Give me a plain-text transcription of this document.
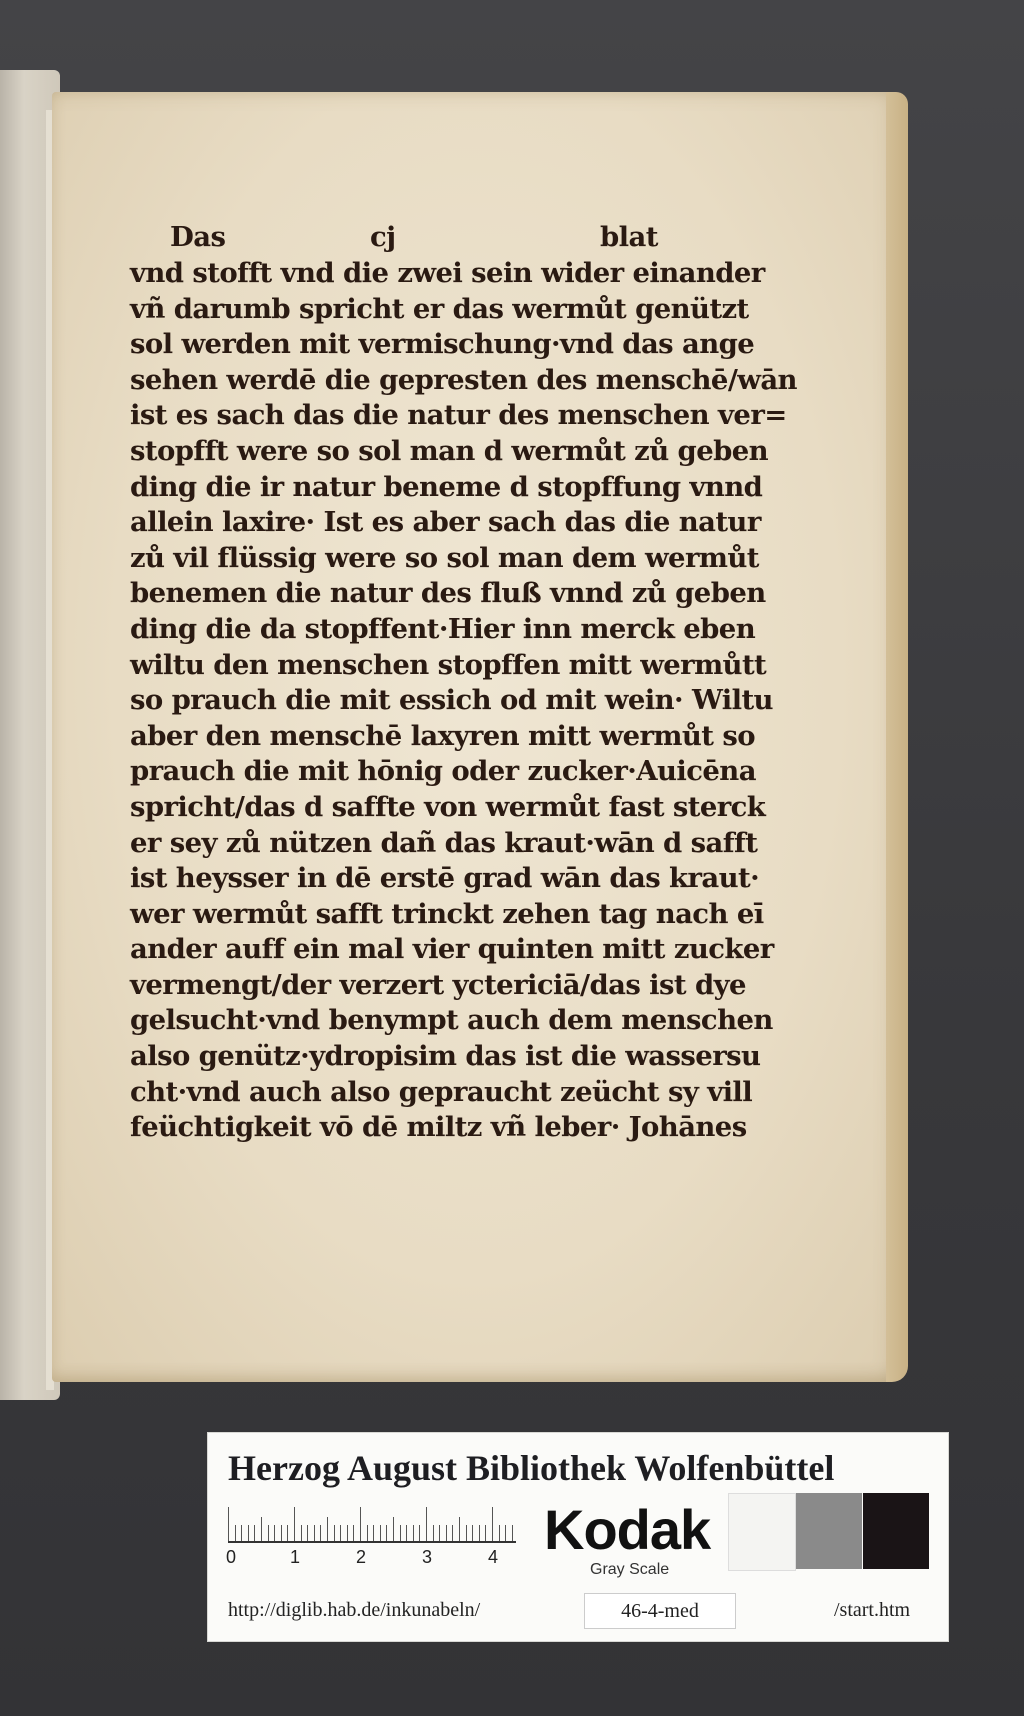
Das	cj	blat
vnd stofft vnd die zwei sein wider einander
vñ darumb spricht er das wermůt genützt
sol werden mit vermischung·vnd das ange
sehen werdē die gepresten des menschē/wān
ist es sach das die natur des menschen ver=
stopfft were so sol man d wermůt zů geben
ding die ir natur beneme d stopffung vnnd
allein laxire· Ist es aber sach das die natur
zů vil flüssig were so sol man dem wermůt
benemen die natur des fluß vnnd zů geben
ding die da stopffent·Hier inn merck eben
wiltu den menschen stopffen mitt wermůtt
so prauch die mit essich od mit wein· Wiltu
aber den menschē laxyren mitt wermůt so
prauch die mit hōnig oder zucker·Auicēna
spricht/das d saffte von wermůt fast sterck
er sey zů nützen dañ das kraut·wān d safft
ist heysser in dē erstē grad wān das kraut·
wer wermůt safft trinckt zehen tag nach eī
ander auff ein mal vier quinten mitt zucker
vermengt/der verzert yctericiā/das ist dye
gelsucht·vnd benympt auch dem menschen
also genütz·ydropisim das ist die wassersu
cht·vnd auch also gepraucht zeücht sy vill
feüchtigkeit vō dē miltz vñ leber· Johānes
Herzog August Bibliothek Wolfenbüttel
0	1	2	3	4 Kodak
Gray Scale
http://diglib.hab.de/inkunabeln/	46-4-med	/start.htm
